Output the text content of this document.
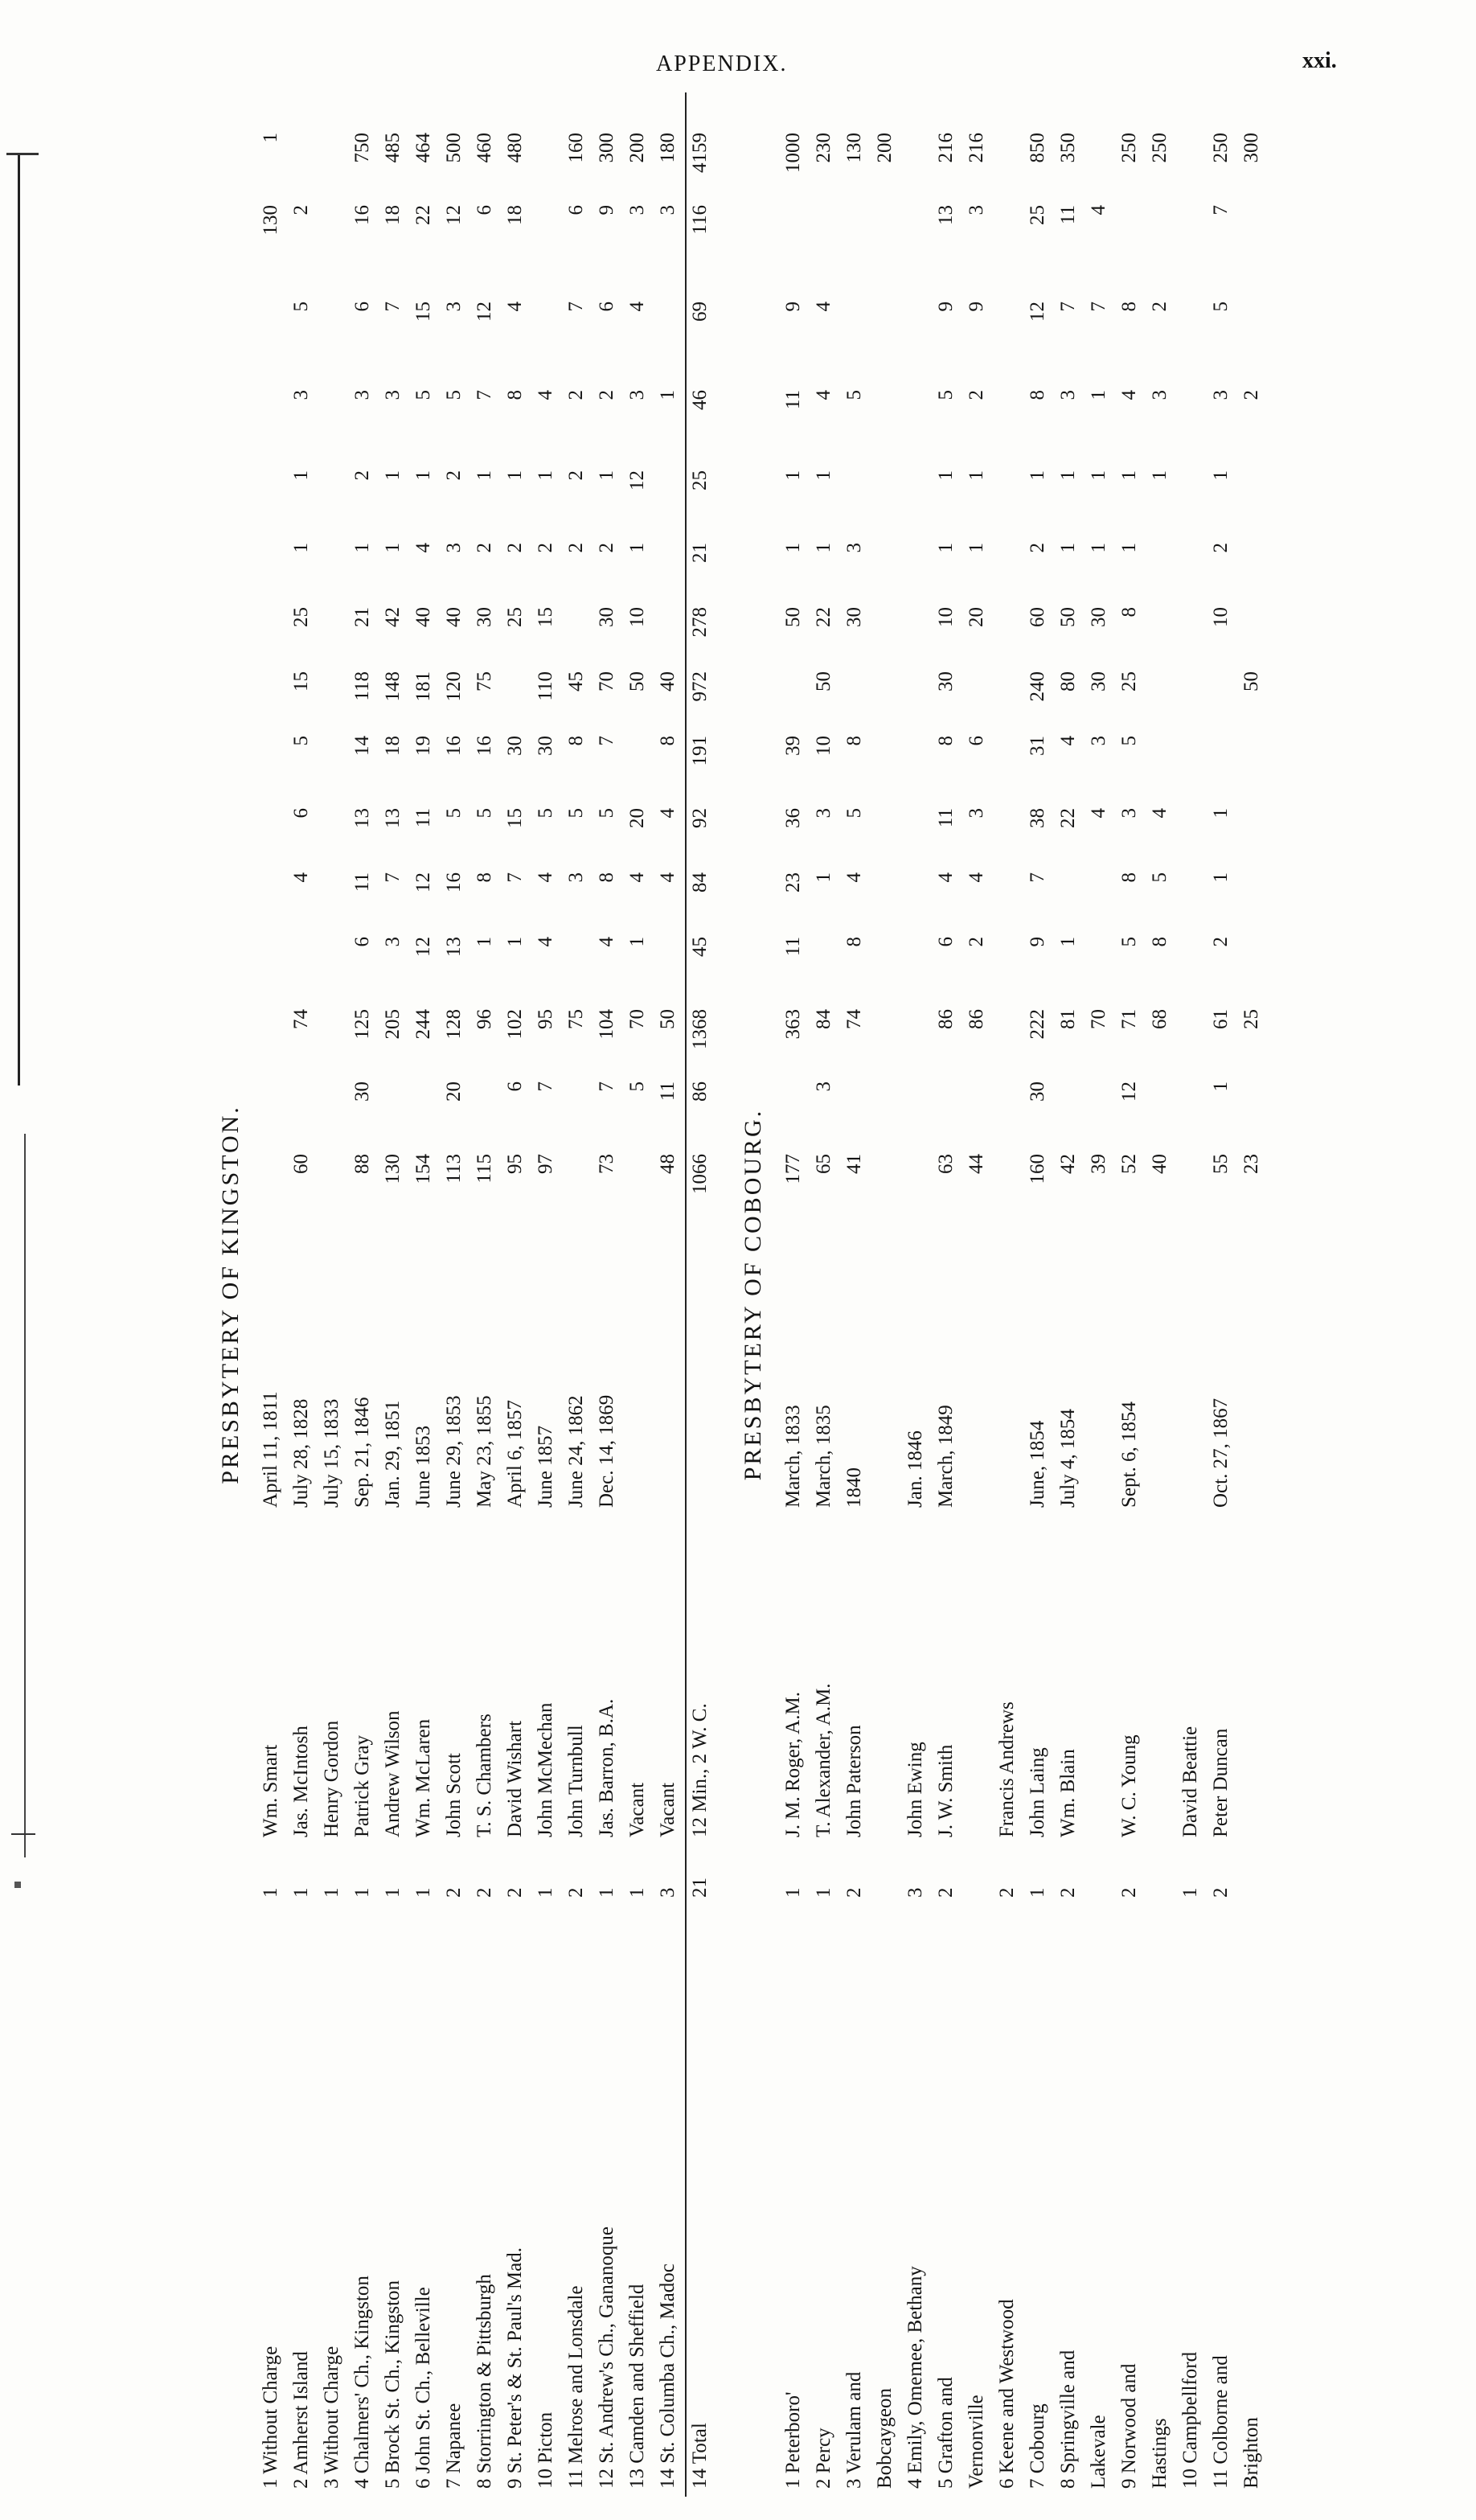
APPENDIX.	xxi.
PRESBYTERY OF KINGSTON.
1 Without Charge
1
Wm. Smart
April 11, 1811
130
1
2 Amherst Island
1
Jas. McIntosh
July 28, 1828
60
74
4
6
5
15
25
1
1
3
5
2
3 Without Charge
1
Henry Gordon
July 15, 1833
4 Chalmers' Ch., Kingston
1
Patrick Gray
Sep. 21, 1846
88
30
125
6
11
13
14
118
21
1
2
3
6
16
750
5 Brock St. Ch., Kingston
1
Andrew Wilson
Jan. 29, 1851
130
205
3
7
13
18
148
42
1
1
3
7
18
485
6 John St. Ch., Belleville
1
Wm. McLaren
June 1853
154
244
12
12
11
19
181
40
4
1
5
15
22
464
7 Napanee
2
John Scott
June 29, 1853
113
20
128
13
16
5
16
120
40
3
2
5
3
12
500
8 Storrington & Pittsburgh
2
T. S. Chambers
May 23, 1855
115
96
1
8
5
16
75
30
2
1
7
12
6
460
9 St. Peter's & St. Paul's Mad.
2
David Wishart
April 6, 1857
95
6
102
1
7
15
30
25
2
1
8
4
18
480
10 Picton
1
John McMechan
June 1857
97
7
95
4
4
5
30
110
15
2
1
4
11 Melrose and Lonsdale
2
John Turnbull
June 24, 1862
75
3
5
8
45
2
2
2
7
6
160
12 St. Andrew's Ch., Gananoque
1
Jas. Barron, B.A.
Dec. 14, 1869
73
7
104
4
8
5
7
70
30
2
1
2
6
9
300
13 Camden and Sheffield
1
Vacant
5
70
1
4
20
50
10
1
12
3
4
3
200
14 St. Columba Ch., Madoc
3
Vacant
48
11
50
4
4
8
40
1
3
180
14 Total
21
12 Min., 2 W. C.
1066
86
1368
45
84
92
191
972
278
21
25
46
69
116
4159
PRESBYTERY OF COBOURG.
1 Peterboro'
1
J. M. Roger, A.M.
March, 1833
177
363
11
23
36
39
50
1
1
11
9
1000
2 Percy
1
T. Alexander, A.M.
March, 1835
65
3
84
1
3
10
50
22
1
1
4
4
230
3 Verulam and
2
John Paterson
1840
41
74
8
4
5
8
30
3
5
130
Bobcaygeon
200
4 Emily, Omemee, Bethany
3
John Ewing
Jan. 1846
5 Grafton and
2
J. W. Smith
March, 1849
63
86
6
4
11
8
30
10
1
1
5
9
13
216
Vernonville
44
86
2
4
3
6
20
1
1
2
9
3
216
6 Keene and Westwood
2
Francis Andrews
7 Cobourg
1
John Laing
June, 1854
160
30
222
9
7
38
31
240
60
2
1
8
12
25
850
8 Springville and
2
Wm. Blain
July 4, 1854
42
81
1
22
4
80
50
1
1
3
7
11
350
Lakevale
39
70
4
3
30
30
1
1
1
7
4
9 Norwood and
2
W. C. Young
Sept. 6, 1854
52
12
71
5
8
3
5
25
8
1
1
4
8
250
Hastings
40
68
8
5
4
1
3
2
250
10 Campbellford
1
David Beattie
11 Colborne and
2
Peter Duncan
Oct. 27, 1867
55
1
61
2
1
1
10
2
1
3
5
7
250
Brighton
23
25
50
2
300
